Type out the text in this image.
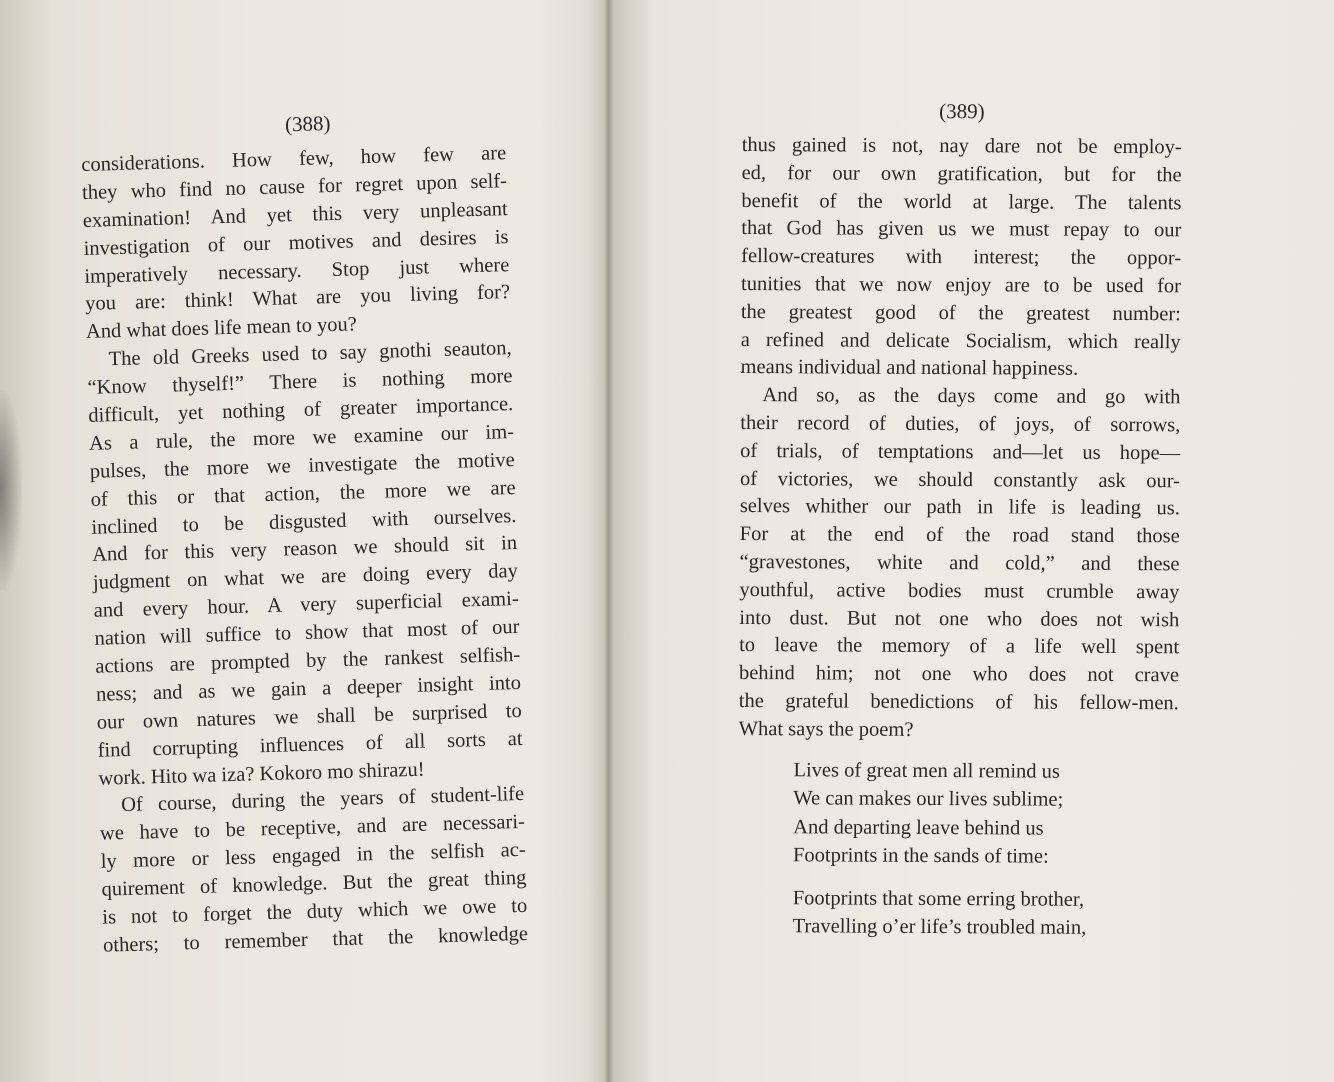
(388)
considerations. How few, how few are
they who find no cause for regret upon self-
examination! And yet this very unpleasant
investigation of our motives and desires is
imperatively necessary. Stop just where
you are: think! What are you living for?
And what does life mean to you?
The old Greeks used to say gnothi seauton,
“Know thyself!” There is nothing more
difficult, yet nothing of greater importance.
As a rule, the more we examine our im-
pulses, the more we investigate the motive
of this or that action, the more we are
inclined to be disgusted with ourselves.
And for this very reason we should sit in
judgment on what we are doing every day
and every hour. A very superficial exami-
nation will suffice to show that most of our
actions are prompted by the rankest selfish-
ness; and as we gain a deeper insight into
our own natures we shall be surprised to
find corrupting influences of all sorts at
work. Hito wa iza? Kokoro mo shirazu!
Of course, during the years of student-life
we have to be receptive, and are necessari-
ly more or less engaged in the selfish ac-
quirement of knowledge. But the great thing
is not to forget the duty which we owe to
others; to remember that the knowledge
(389)
thus gained is not, nay dare not be employ-
ed, for our own gratification, but for the
benefit of the world at large. The talents
that God has given us we must repay to our
fellow-creatures with interest; the oppor-
tunities that we now enjoy are to be used for
the greatest good of the greatest number:
a refined and delicate Socialism, which really
means individual and national happiness.
And so, as the days come and go with
their record of duties, of joys, of sorrows,
of trials, of temptations and—let us hope—
of victories, we should constantly ask our-
selves whither our path in life is leading us.
For at the end of the road stand those
“gravestones, white and cold,” and these
youthful, active bodies must crumble away
into dust. But not one who does not wish
to leave the memory of a life well spent
behind him; not one who does not crave
the grateful benedictions of his fellow-men.
What says the poem?
Lives of great men all remind us
We can makes our lives sublime;
And departing leave behind us
Footprints in the sands of time:
Footprints that some erring brother,
Travelling o’er life’s troubled main,
